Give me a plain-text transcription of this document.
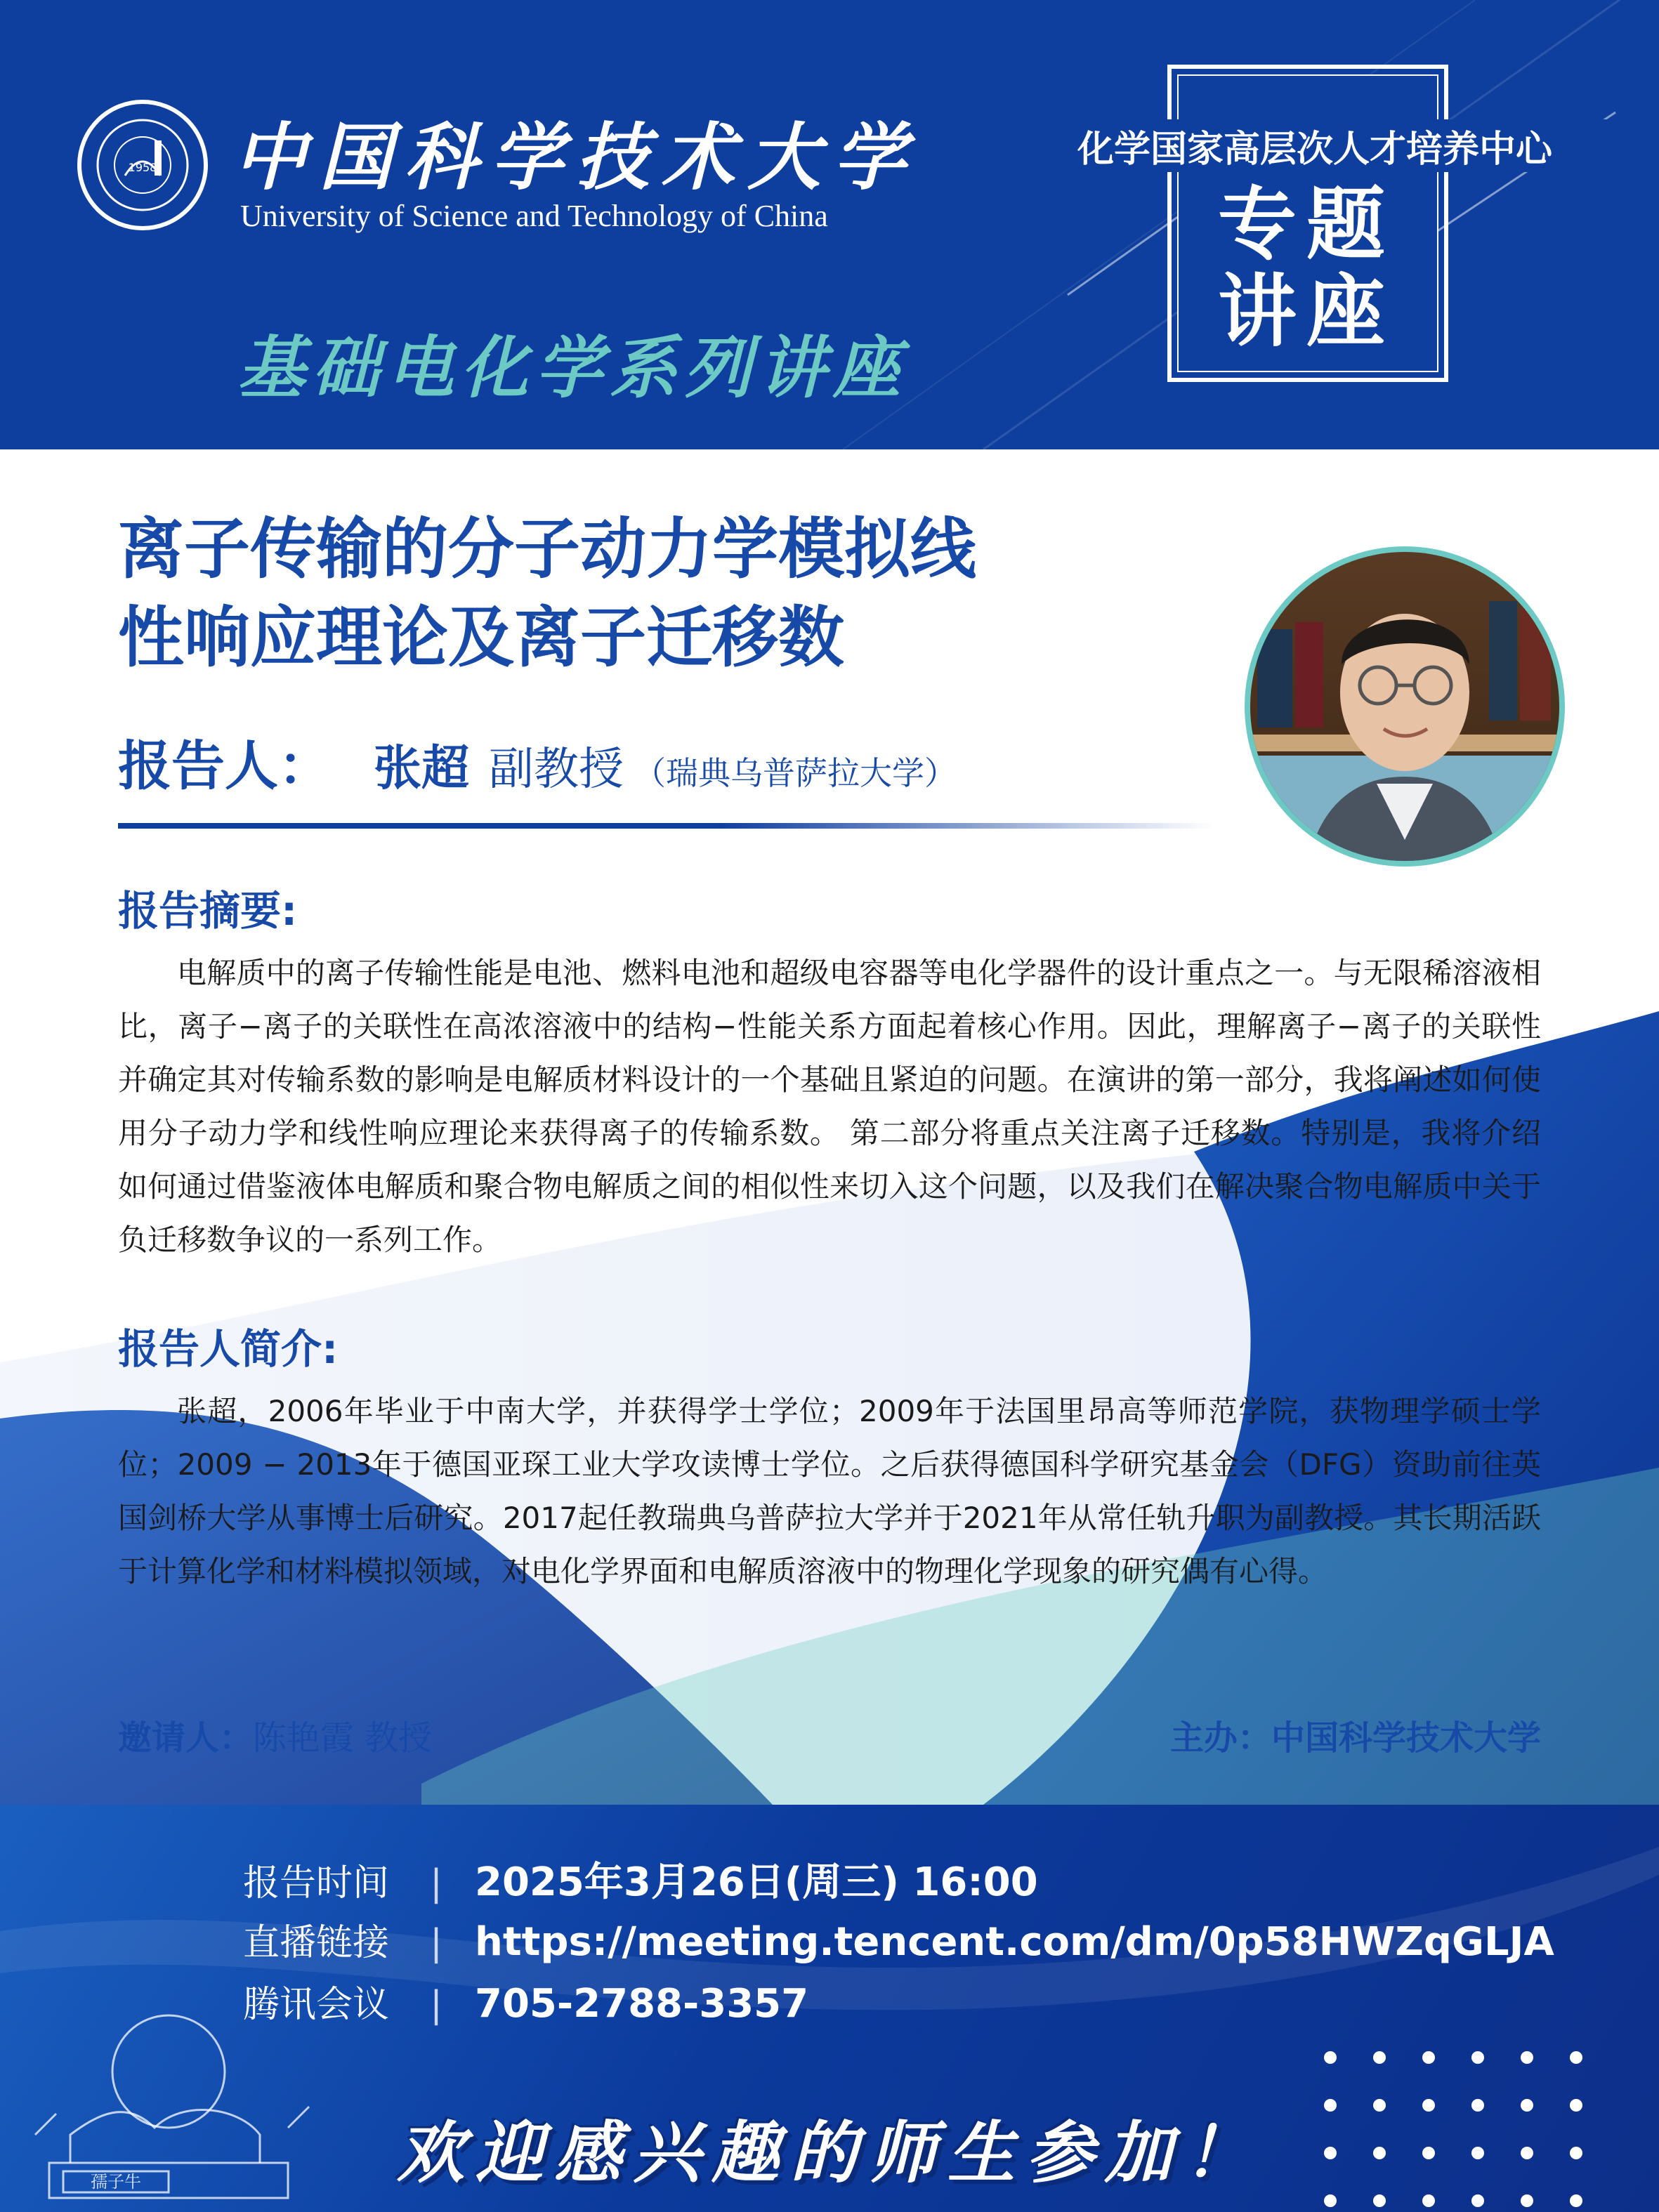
1958 中国科学技术大学
University of Science and Technology of China
基础电化学系列讲座
化学国家高层次人才培养中心
专题
讲座
离子传输的分子动力学模拟线
性响应理论及离子迁移数
报告人： 张超 副教授 （瑞典乌普萨拉大学）
报告摘要:
电解质中的离子传输性能是电池、燃料电池和超级电容器等电化学器件的设计重点之一。与无限稀溶液相比，离子−离子的关联性在高浓溶液中的结构−性能关系方面起着核心作用。因此，理解离子−离子的关联性并确定其对传输系数的影响是电解质材料设计的一个基础且紧迫的问题。在演讲的第一部分，我将阐述如何使用分子动力学和线性响应理论来获得离子的传输系数。 第二部分将重点关注离子迁移数。特别是，我将介绍如何通过借鉴液体电解质和聚合物电解质之间的相似性来切入这个问题，以及我们在解决聚合物电解质中关于负迁移数争议的一系列工作。
报告人简介:
张超，2006年毕业于中南大学，并获得学士学位；2009年于法国里昂高等师范学院，获物理学硕士学位；2009 − 2013年于德国亚琛工业大学攻读博士学位。之后获得德国科学研究基金会（DFG）资助前往英国剑桥大学从事博士后研究。2017起任教瑞典乌普萨拉大学并于2021年从常任轨升职为副教授。其长期活跃于计算化学和材料模拟领域，对电化学界面和电解质溶液中的物理化学现象的研究偶有心得。
邀请人：陈艳霞 教授	主办：中国科学技术大学
报告时间 | 2025年3月26日(周三) 16:00
直播链接 | https://meeting.tencent.com/dm/0p58HWZqGLJA
腾讯会议 | 705-2788-3357
孺子牛	欢迎感兴趣的师生参加！
